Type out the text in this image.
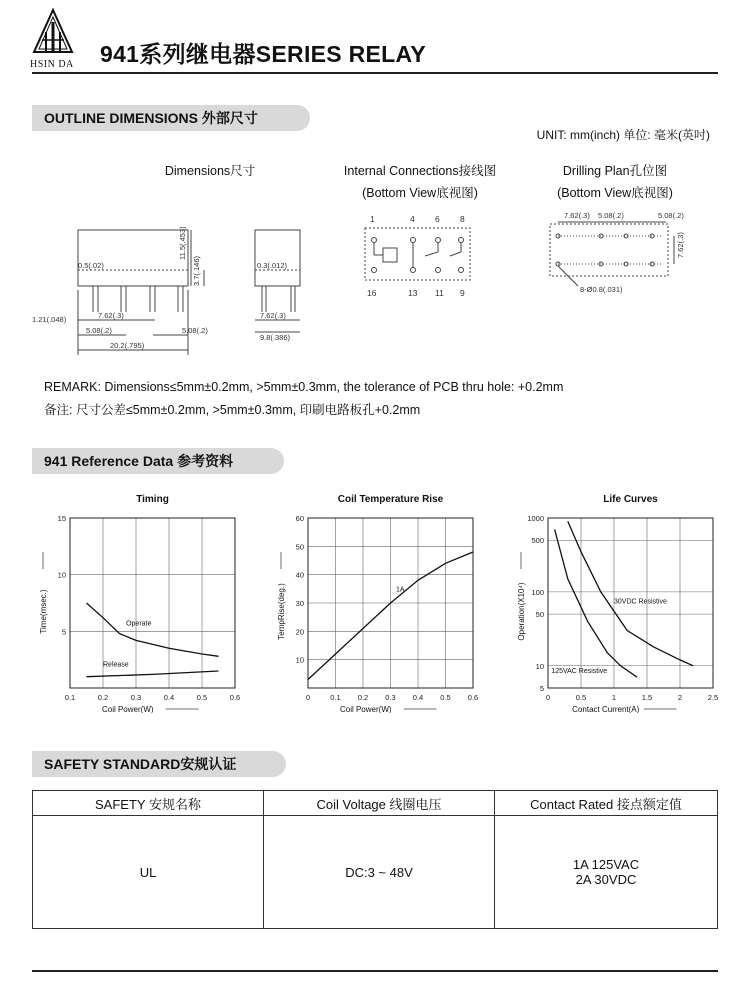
HSIN DA 941系列继电器SERIES RELAY
OUTLINE DIMENSIONS 外部尺寸
UNIT: mm(inch) 单位: 毫米(英吋)
Dimensions尺寸	Internal Connections接线图
(Bottom View底视图)
Drilling Plan孔位图
(Bottom View底视图)
0.5(.02)
11.5(.453)
3.7(.146)
1.21(.048)	7.62(.3)
5.08(.2)	5.08(.2)
20.2(.795)
0.3(.012)
7.62(.3)
9.8(.386)
1	4 6 8
16	13 11 9
7.62(.3) 5.08(.2)	5.08(.2)
7.62(.3)
8-Ø0.8(.031)
REMARK: Dimensions≤5mm±0.2mm, >5mm±0.3mm, the tolerance of PCB thru hole: +0.2mm
备注: 尺寸公差≤5mm±0.2mm, >5mm±0.3mm, 印刷电路板孔+0.2mm
941 Reference Data 参考资料
Timing
0.1	0.2	0.3	0.4	0.5	0.6
5
10
15
Coil Power(W)
Time(msec.)	Operate
Release
Coil Temperature Rise
0	0.1 0.2 0.3 0.4 0.5 0.6
10
20
30
40
50
60
Coil Power(W)
TempRise(deg.)	1A
Life Curves
0	0.5	1	1.5	2	2.5
5
10
50
100
500
1000
Contact Current(A)
Operation(X10⁴)	30VDC Resistive
125VAC Resistive
SAFETY STANDARD安规认证
SAFETY 安规名称	Coil Voltage 线圈电压	Contact Rated 接点额定值
UL	DC:3 ~ 48V	1A 125VAC
2A 30VDC
